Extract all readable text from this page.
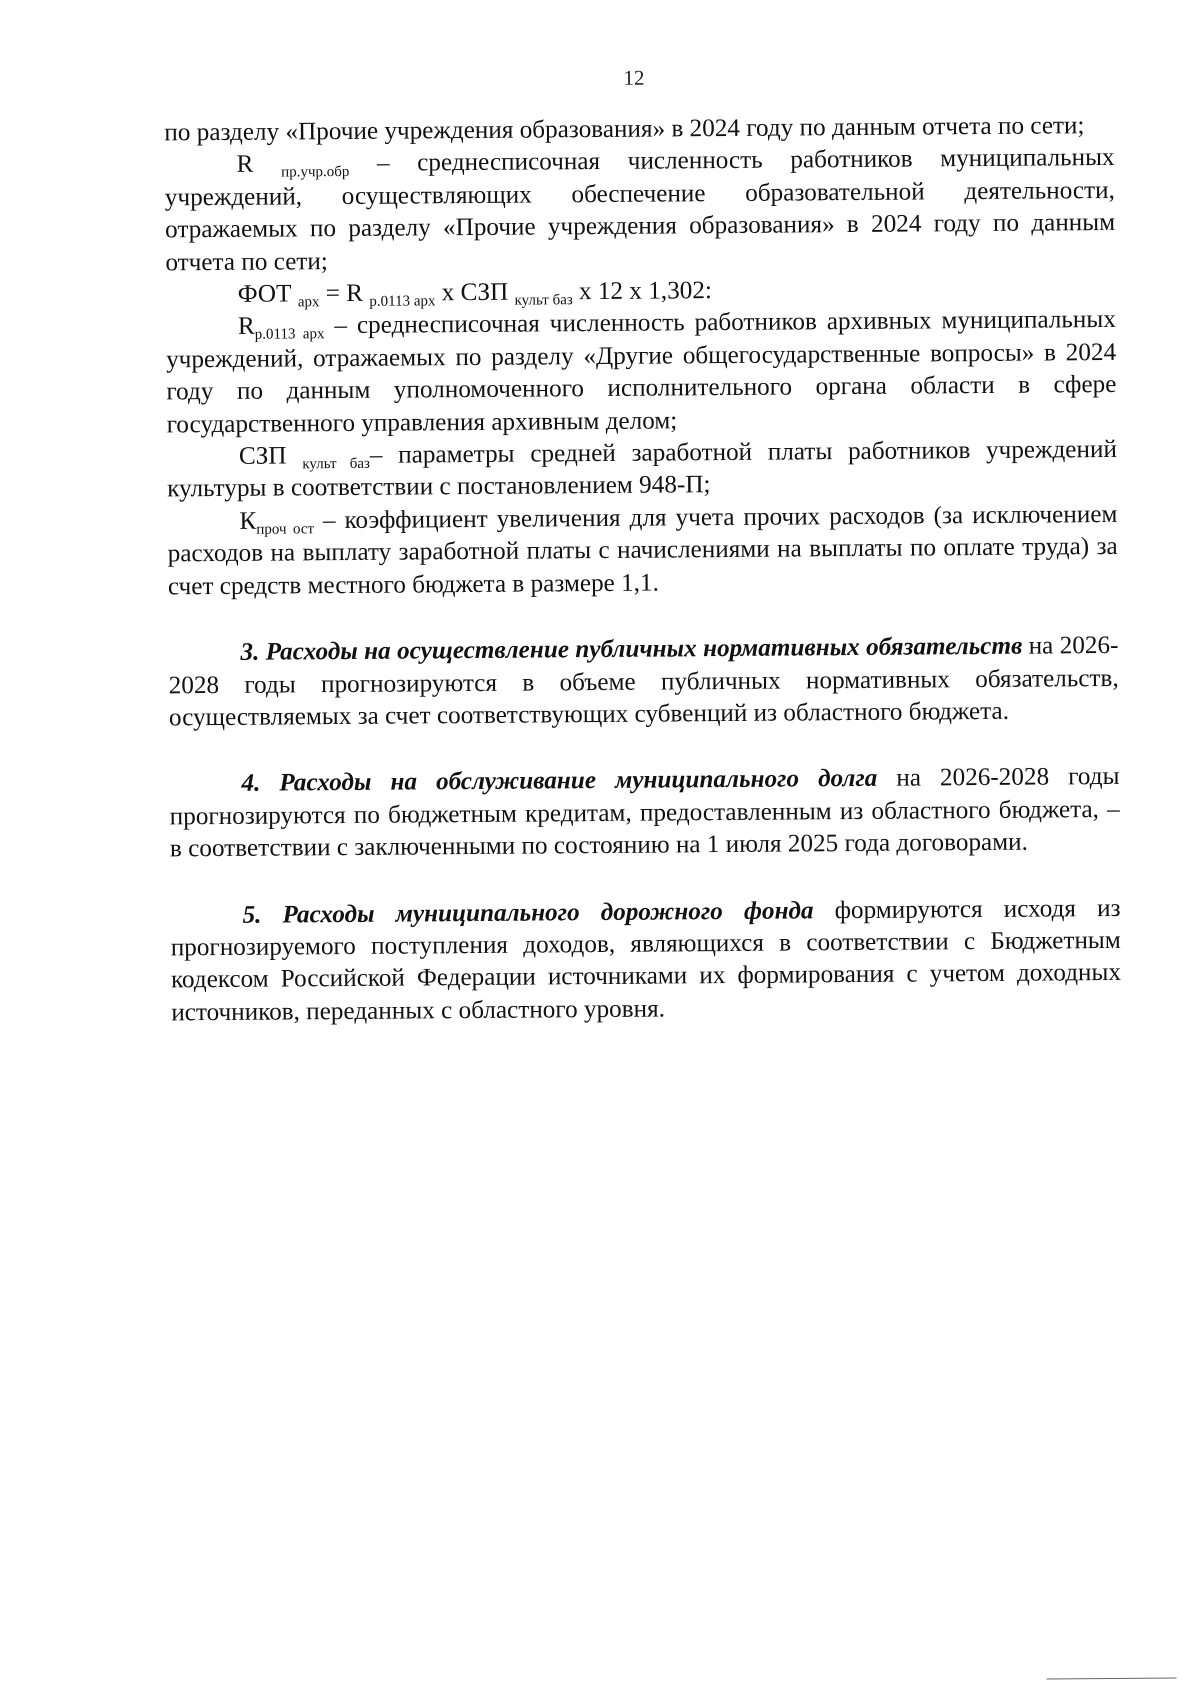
12

по разделу «Прочие учреждения образования» в 2024 году по данным отчета по сети;

R пр.учр.обр – среднесписочная численность работников муниципальных учреждений, осуществляющих обеспечение образовательной деятельности, отражаемых по разделу «Прочие учреждения образования» в 2024 году по данным отчета по сети;

ФОТ арх = R р.0113 арх х СЗП культ баз х 12 х 1,302:

Rр.0113 арх – среднесписочная численность работников архивных муниципальных учреждений, отражаемых по разделу «Другие общегосударственные вопросы» в 2024 году по данным уполномоченного исполнительного органа области в сфере государственного управления архивным делом;

СЗП культ баз– параметры средней заработной платы работников учреждений культуры в соответствии с постановлением 948-П;

Кпроч ост – коэффициент увеличения для учета прочих расходов (за исключением расходов на выплату заработной платы с начислениями на выплаты по оплате труда) за счет средств местного бюджета в размере 1,1.

3. Расходы на осуществление публичных нормативных обязательств на 2026-2028 годы прогнозируются в объеме публичных нормативных обязательств, осуществляемых за счет соответствующих субвенций из областного бюджета.

4. Расходы на обслуживание муниципального долга на 2026-2028 годы прогнозируются по бюджетным кредитам, предоставленным из областного бюджета, – в соответствии с заключенными по состоянию на 1 июля 2025 года договорами.

5. Расходы муниципального дорожного фонда формируются исходя из прогнозируемого поступления доходов, являющихся в соответствии с Бюджетным кодексом Российской Федерации источниками их формирования с учетом доходных источников, переданных с областного уровня.
